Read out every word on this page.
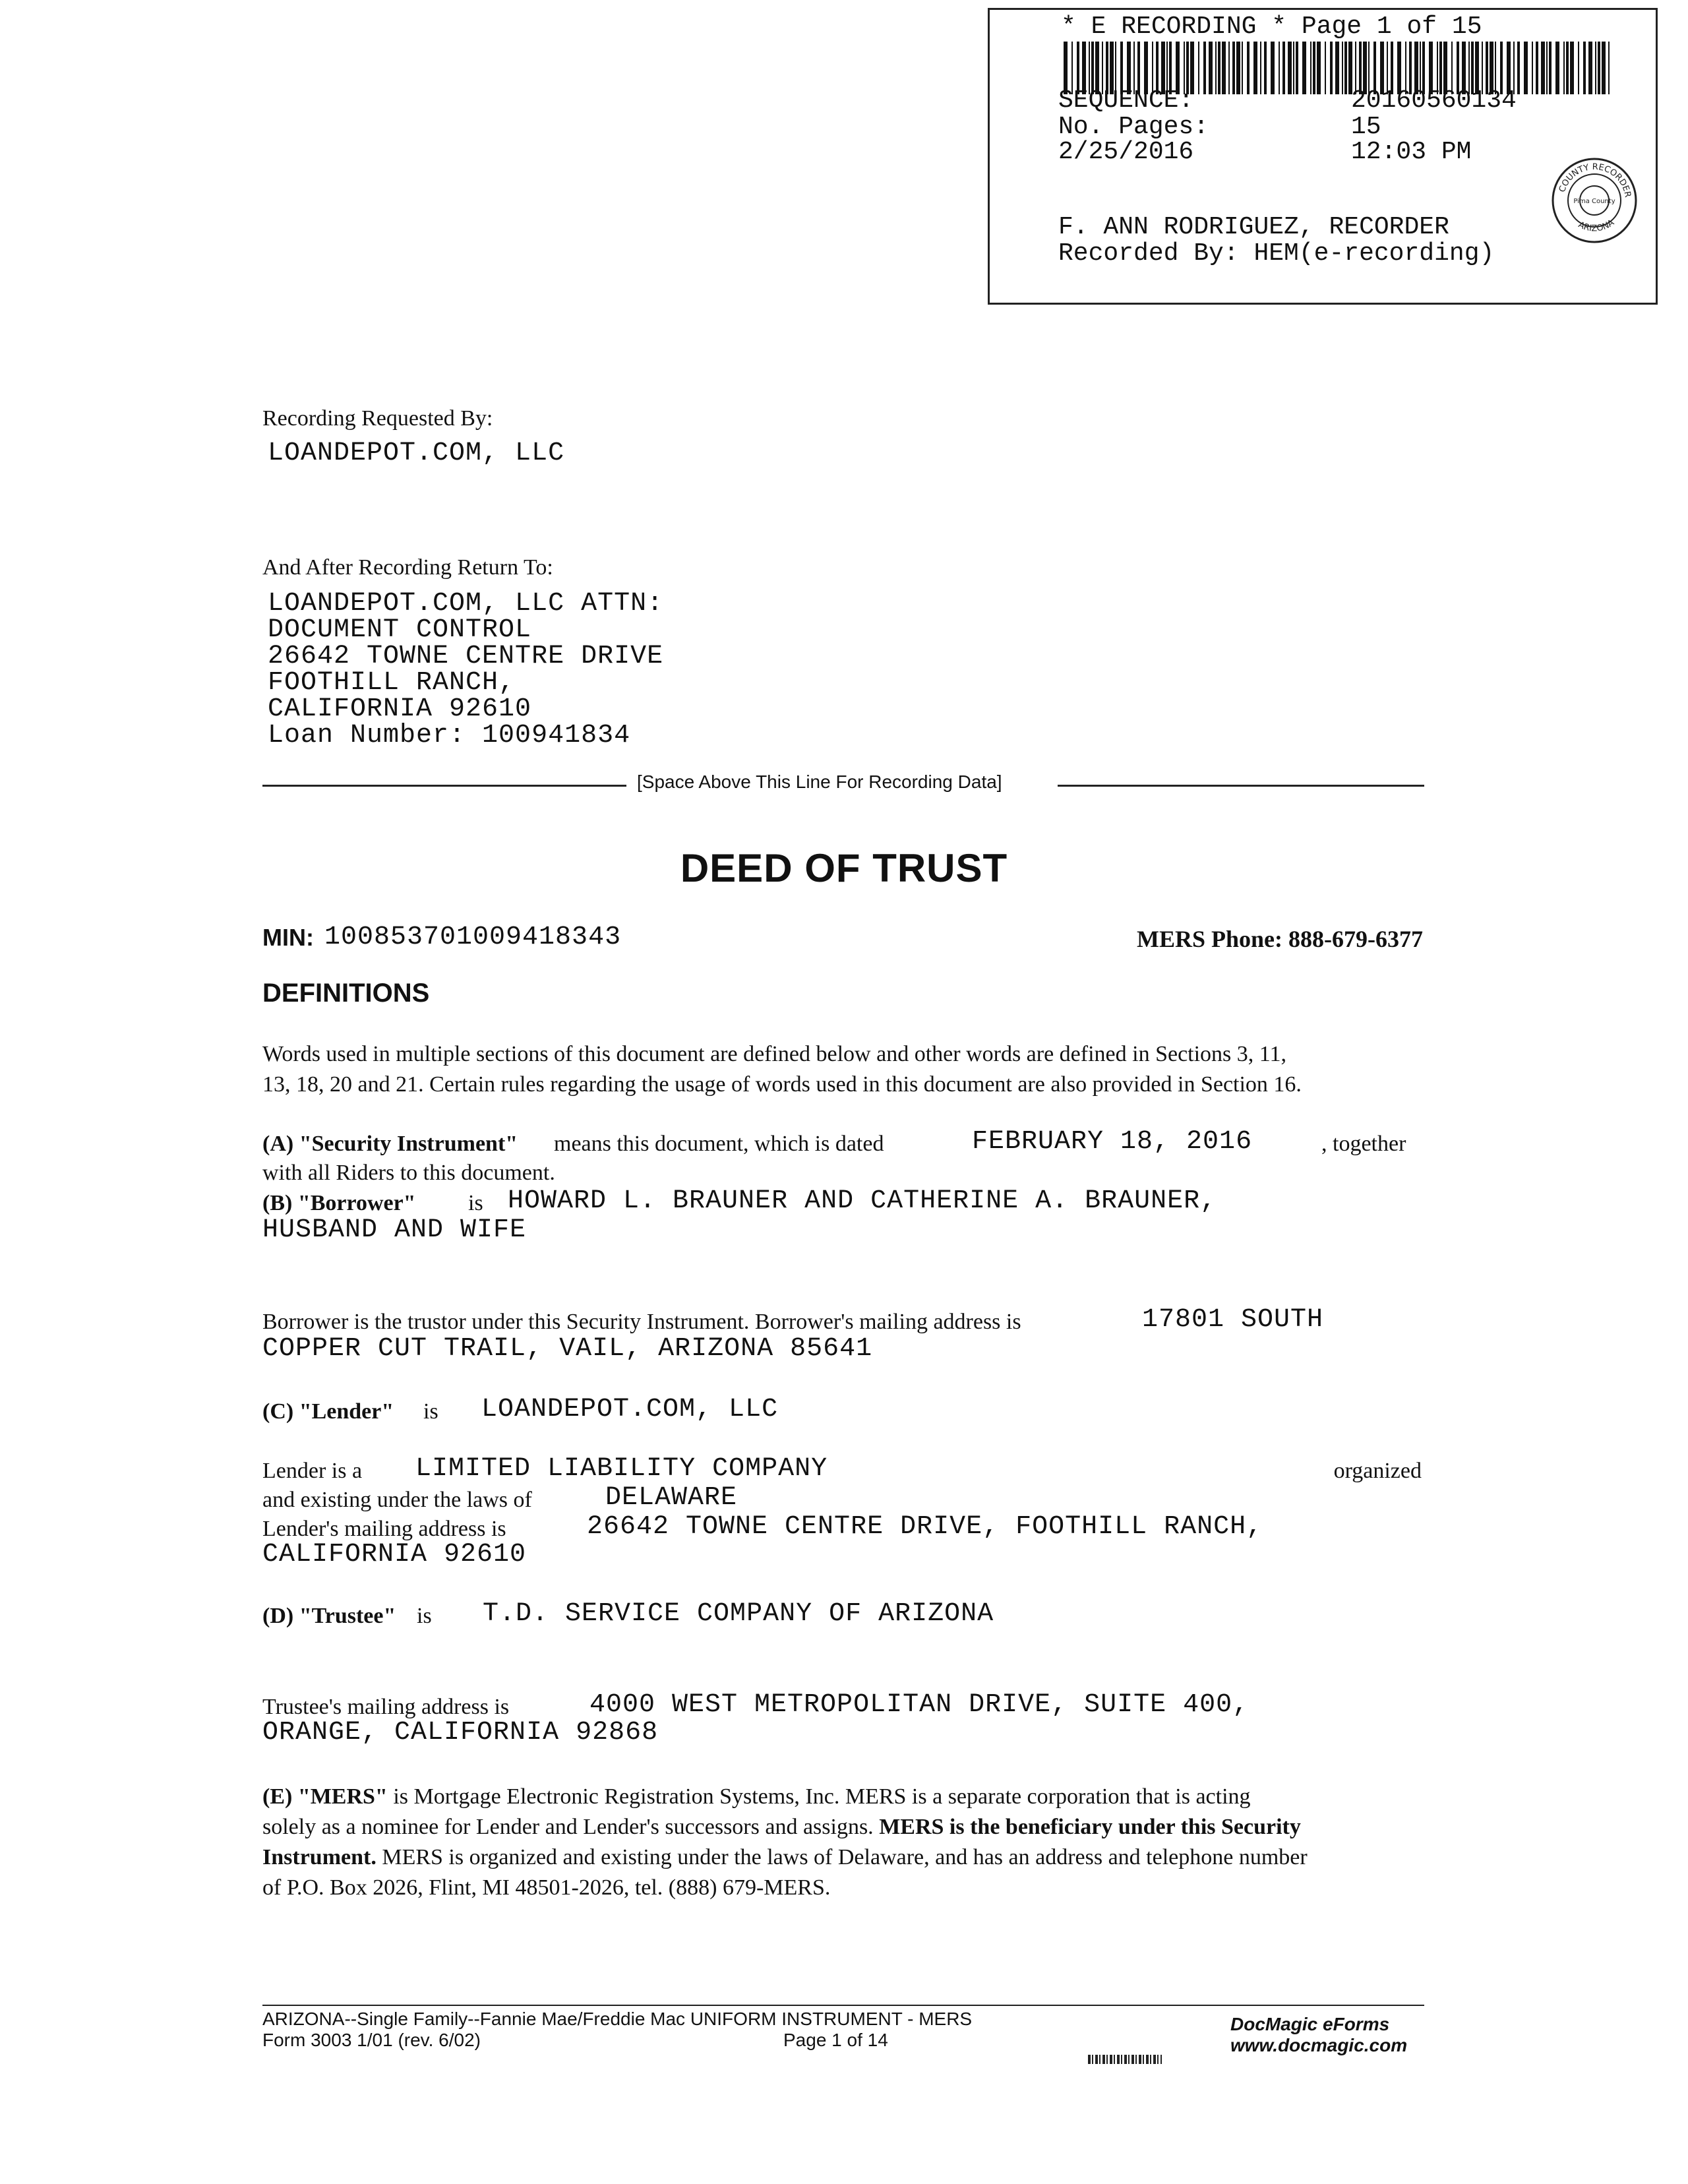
* E RECORDING * Page 1 of 15
SEQUENCE:	20160560134
No. Pages:	15
2/25/2016	12:03 PM
F. ANN RODRIGUEZ, RECORDER
Recorded By: HEM(e-recording)
COUNTY RECORDER
ARIZONA
Pima County
Recording Requested By:
LOANDEPOT.COM, LLC
And After Recording Return To:
LOANDEPOT.COM, LLC ATTN:
DOCUMENT CONTROL
26642 TOWNE CENTRE DRIVE
FOOTHILL RANCH,
CALIFORNIA 92610
Loan Number: 100941834
[Space Above This Line For Recording Data]
DEED OF TRUST
MIN: 100853701009418343	MERS Phone: 888-679-6377
DEFINITIONS
Words used in multiple sections of this document are defined below and other words are defined in Sections 3, 11,
13, 18, 20 and 21. Certain rules regarding the usage of words used in this document are also provided in Section 16.
(A) "Security Instrument" means this document, which is dated	FEBRUARY 18, 2016	, together
with all Riders to this document.
(B) "Borrower" is HOWARD L. BRAUNER AND CATHERINE A. BRAUNER,
HUSBAND AND WIFE
Borrower is the trustor under this Security Instrument. Borrower's mailing address is	17801 SOUTH
COPPER CUT TRAIL, VAIL, ARIZONA 85641
(C) "Lender" is LOANDEPOT.COM, LLC
Lender is a LIMITED LIABILITY COMPANY	organized
and existing under the laws of	DELAWARE
Lender's mailing address is	26642 TOWNE CENTRE DRIVE, FOOTHILL RANCH,
CALIFORNIA 92610
(D) "Trustee" is T.D. SERVICE COMPANY OF ARIZONA
Trustee's mailing address is	4000 WEST METROPOLITAN DRIVE, SUITE 400,
ORANGE, CALIFORNIA 92868
(E) "MERS" is Mortgage Electronic Registration Systems, Inc. MERS is a separate corporation that is acting
solely as a nominee for Lender and Lender's successors and assigns. MERS is the beneficiary under this Security
Instrument. MERS is organized and existing under the laws of Delaware, and has an address and telephone number
of P.O. Box 2026, Flint, MI 48501-2026, tel. (888) 679-MERS.
ARIZONA--Single Family--Fannie Mae/Freddie Mac UNIFORM INSTRUMENT - MERS
Form 3003 1/01 (rev. 6/02)	Page 1 of 14
DocMagic eForms
www.docmagic.com
